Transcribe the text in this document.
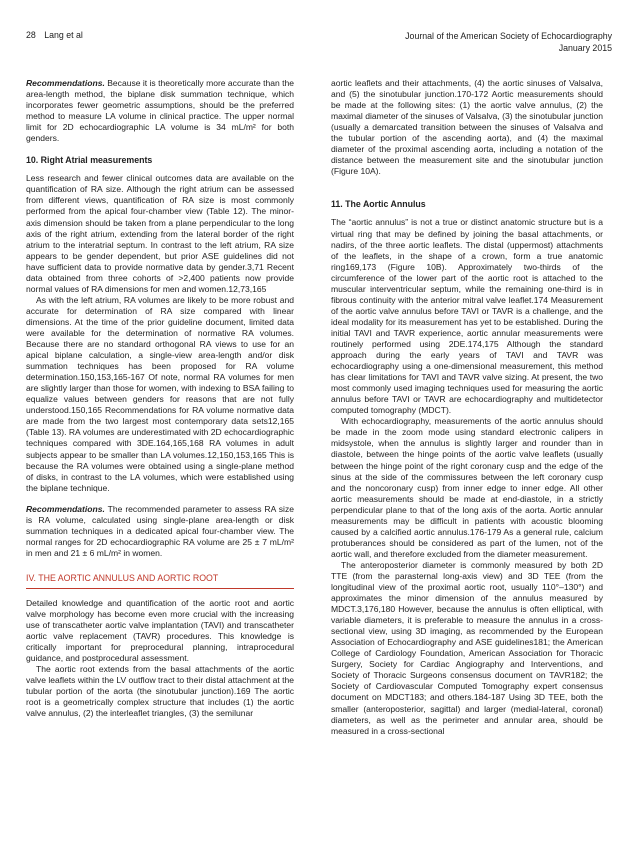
28 Lang et al	Journal of the American Society of Echocardiography
January 2015

Recommendations. Because it is theoretically more accurate than the area-length method, the biplane disk summation technique, which incorporates fewer geometric assumptions, should be the preferred method to measure LA volume in clinical practice. The upper normal limit for 2D echocardiographic LA volume is 34 mL/m² for both genders.

10. Right Atrial measurements

Less research and fewer clinical outcomes data are available on the quantification of RA size. Although the right atrium can be assessed from different views, quantification of RA size is most commonly performed from the apical four-chamber view (Table 12). The minor-axis dimension should be taken from a plane perpendicular to the long axis of the right atrium, extending from the lateral border of the right atrium to the interatrial septum. In contrast to the left atrium, RA size appears to be gender dependent, but prior ASE guidelines did not have sufficient data to provide normative data by gender.3,71 Recent data obtained from three cohorts of >2,400 patients now provide normal values of RA dimensions for men and women.12,73,165

As with the left atrium, RA volumes are likely to be more robust and accurate for determination of RA size compared with linear dimensions. At the time of the prior guideline document, limited data were available for the determination of normative RA volumes. Because there are no standard orthogonal RA views to use for an apical biplane calculation, a single-view area-length and/or disk summation techniques has been proposed for RA volume determination.150,153,165-167 Of note, normal RA volumes for men are slightly larger than those for women, with indexing to BSA failing to equalize values between genders for reasons that are not fully understood.150,165 Recommendations for RA volume normative data are made from the two largest most contemporary data sets12,165 (Table 13). RA volumes are underestimated with 2D echocardiographic techniques compared with 3DE.164,165,168 RA volumes in adult subjects appear to be smaller than LA volumes.12,150,153,165 This is because the RA volumes were obtained using a single-plane method of disks, in contrast to the LA volumes, which were established using the biplane technique.

Recommendations. The recommended parameter to assess RA size is RA volume, calculated using single-plane area-length or disk summation techniques in a dedicated apical four-chamber view. The normal ranges for 2D echocardiographic RA volume are 25 ± 7 mL/m² in men and 21 ± 6 mL/m² in women.

IV. THE AORTIC ANNULUS AND AORTIC ROOT

Detailed knowledge and quantification of the aortic root and aortic valve morphology has become even more crucial with the increasing use of transcatheter aortic valve implantation (TAVI) and transcatheter aortic valve replacement (TAVR) procedures. This knowledge is critically important for preprocedural planning, intraprocedural guidance, and postprocedural assessment.

The aortic root extends from the basal attachments of the aortic valve leaflets within the LV outflow tract to their distal attachment at the tubular portion of the aorta (the sinotubular junction).169 The aortic root is a geometrically complex structure that includes (1) the aortic valve annulus, (2) the interleaflet triangles, (3) the semilunar

aortic leaflets and their attachments, (4) the aortic sinuses of Valsalva, and (5) the sinotubular junction.170-172 Aortic measurements should be made at the following sites: (1) the aortic valve annulus, (2) the maximal diameter of the sinuses of Valsalva, (3) the sinotubular junction (usually a demarcated transition between the sinuses of Valsalva and the tubular portion of the ascending aorta), and (4) the maximal diameter of the proximal ascending aorta, including a notation of the distance between the measurement site and the sinotubular junction (Figure 10A).

11. The Aortic Annulus

The “aortic annulus” is not a true or distinct anatomic structure but is a virtual ring that may be defined by joining the basal attachments, or nadirs, of the three aortic leaflets. The distal (uppermost) attachments of the leaflets, in the shape of a crown, form a true anatomic ring169,173 (Figure 10B). Approximately two-thirds of the circumference of the lower part of the aortic root is attached to the muscular interventricular septum, while the remaining one-third is in fibrous continuity with the anterior mitral valve leaflet.174 Measurement of the aortic valve annulus before TAVI or TAVR is a challenge, and the ideal modality for its measurement has yet to be established. During the initial TAVI and TAVR experience, aortic annular measurements were routinely performed using 2DE.174,175 Although the standard approach during the early years of TAVI and TAVR was echocardiography using a one-dimensional measurement, this method has clear limitations for TAVI and TAVR valve sizing. At present, the two most commonly used imaging techniques used for measuring the aortic annulus before TAVI or TAVR are echocardiography and multidetector computed tomography (MDCT).

With echocardiography, measurements of the aortic annulus should be made in the zoom mode using standard electronic calipers in midsystole, when the annulus is slightly larger and rounder than in diastole, between the hinge points of the aortic valve leaflets (usually between the hinge point of the right coronary cusp and the edge of the sinus at the side of the commissures between the left coronary cusp and the noncoronary cusp) from inner edge to inner edge. All other aortic measurements should be made at end-diastole, in a strictly perpendicular plane to that of the long axis of the aorta. Aortic annular measurements may be difficult in patients with acoustic blooming caused by a calcified aortic annulus.176-179 As a general rule, calcium protuberances should be considered as part of the lumen, not of the aortic wall, and therefore excluded from the diameter measurement.

The anteroposterior diameter is commonly measured by both 2D TTE (from the parasternal long-axis view) and 3D TEE (from the longitudinal view of the proximal aortic root, usually 110°–130°) and approximates the minor dimension of the annulus measured by MDCT.3,176,180 However, because the annulus is often elliptical, with variable diameters, it is preferable to measure the annulus in a cross-sectional view, using 3D imaging, as recommended by the European Association of Echocardiography and ASE guidelines181; the American College of Cardiology Foundation, American Association for Thoracic Surgery, Society for Cardiac Angiography and Interventions, and Society of Thoracic Surgeons consensus document on TAVR182; the Society of Cardiovascular Computed Tomography expert consensus document on MDCT183; and others.184-187 Using 3D TEE, both the smaller (anteroposterior, sagittal) and larger (medial-lateral, coronal) diameters, as well as the perimeter and annular area, should be measured in a cross-sectional
